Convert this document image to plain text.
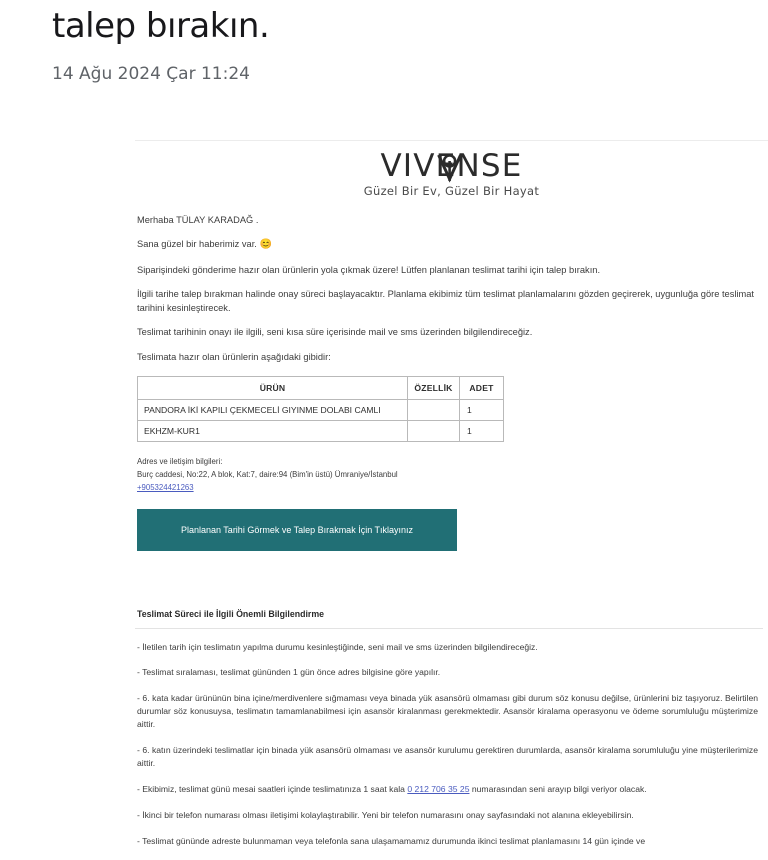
talep bırakın.
14 Ağu 2024 Çar 11:24
VIVENSE
Güzel Bir Ev, Güzel Bir Hayat

Merhaba TÜLAY KARADAĞ .

Sana güzel bir haberimiz var. 😊

Siparişindeki gönderime hazır olan ürünlerin yola çıkmak üzere! Lütfen planlanan teslimat tarihi için talep bırakın.

İlgili tarihe talep bırakman halinde onay süreci başlayacaktır. Planlama ekibimiz tüm teslimat planlamalarını gözden geçirerek, uygunluğa göre teslimat tarihini kesinleştirecek.

Teslimat tarihinin onayı ile ilgili, seni kısa süre içerisinde mail ve sms üzerinden bilgilendireceğiz.

Teslimata hazır olan ürünlerin aşağıdaki gibidir:

ÜRÜN	ÖZELLİK	ADET
PANDORA İKİ KAPILI ÇEKMECELİ GIYINME DOLABI CAMLI		1
EKHZM-KUR1		1
Adres ve iletişim bilgileri:
Burç caddesi, No:22, A blok, Kat:7, daire:94 (Bim'in üstü) Ümraniye/İstanbul
+905324421263
Planlanan Tarihi Görmek ve Talep Bırakmak İçin Tıklayınız
Teslimat Süreci ile İlgili Önemli Bilgilendirme

- İletilen tarih için teslimatın yapılma durumu kesinleştiğinde, seni mail ve sms üzerinden bilgilendireceğiz.

- Teslimat sıralaması, teslimat gününden 1 gün önce adres bilgisine göre yapılır.

- 6. kata kadar ürününün bina içine/merdivenlere sığmaması veya binada yük asansörü olmaması gibi durum söz konusu değilse, ürünlerini biz taşıyoruz. Belirtilen durumlar söz konusuysa, teslimatın tamamlanabilmesi için asansör kiralanması gerekmektedir. Asansör kiralama operasyonu ve ödeme sorumluluğu müşterimize aittir.

- 6. katın üzerindeki teslimatlar için binada yük asansörü olmaması ve asansör kurulumu gerektiren durumlarda, asansör kiralama sorumluluğu yine müşterilerimize aittir.

- Ekibimiz, teslimat günü mesai saatleri içinde teslimatınıza 1 saat kala 0 212 706 35 25 numarasından seni arayıp bilgi veriyor olacak.

- İkinci bir telefon numarası olması iletişimi kolaylaştırabilir. Yeni bir telefon numarasını onay sayfasındaki not alanına ekleyebilirsin.

- Teslimat gününde adreste bulunmaman veya telefonla sana ulaşamamamız durumunda ikinci teslimat planlamasını 14 gün içinde ve
